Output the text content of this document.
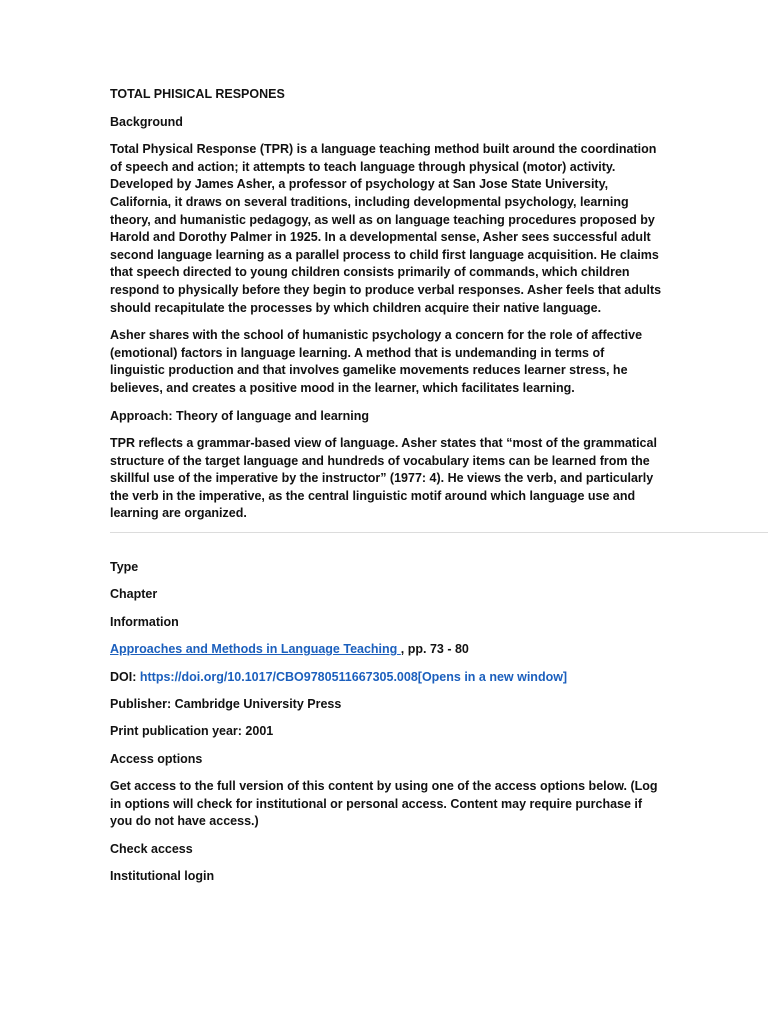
TOTAL PHISICAL RESPONES

Background

Total Physical Response (TPR) is a language teaching method built around the coordination of speech and action; it attempts to teach language through physical (motor) activity. Developed by James Asher, a professor of psychology at San Jose State University, California, it draws on several traditions, including developmental psychology, learning theory, and humanistic pedagogy, as well as on language teaching procedures proposed by Harold and Dorothy Palmer in 1925. In a developmental sense, Asher sees successful adult second language learning as a parallel process to child first language acquisition. He claims that speech directed to young children consists primarily of commands, which children respond to physically before they begin to produce verbal responses. Asher feels that adults should recapitulate the processes by which children acquire their native language.

Asher shares with the school of humanistic psychology a concern for the role of affective (emotional) factors in language learning. A method that is undemanding in terms of linguistic production and that involves gamelike movements reduces learner stress, he believes, and creates a positive mood in the learner, which facilitates learning.

Approach: Theory of language and learning

TPR reflects a grammar-based view of language. Asher states that “most of the grammatical structure of the target language and hundreds of vocabulary items can be learned from the skillful use of the imperative by the instructor” (1977: 4). He views the verb, and particularly the verb in the imperative, as the central linguistic motif around which language use and learning are organized.

Type

Chapter

Information

Approaches and Methods in Language Teaching , pp. 73 - 80

DOI: https://doi.org/10.1017/CBO9780511667305.008[Opens in a new window]

Publisher: Cambridge University Press

Print publication year: 2001

Access options

Get access to the full version of this content by using one of the access options below. (Log in options will check for institutional or personal access. Content may require purchase if you do not have access.)

Check access

Institutional login
